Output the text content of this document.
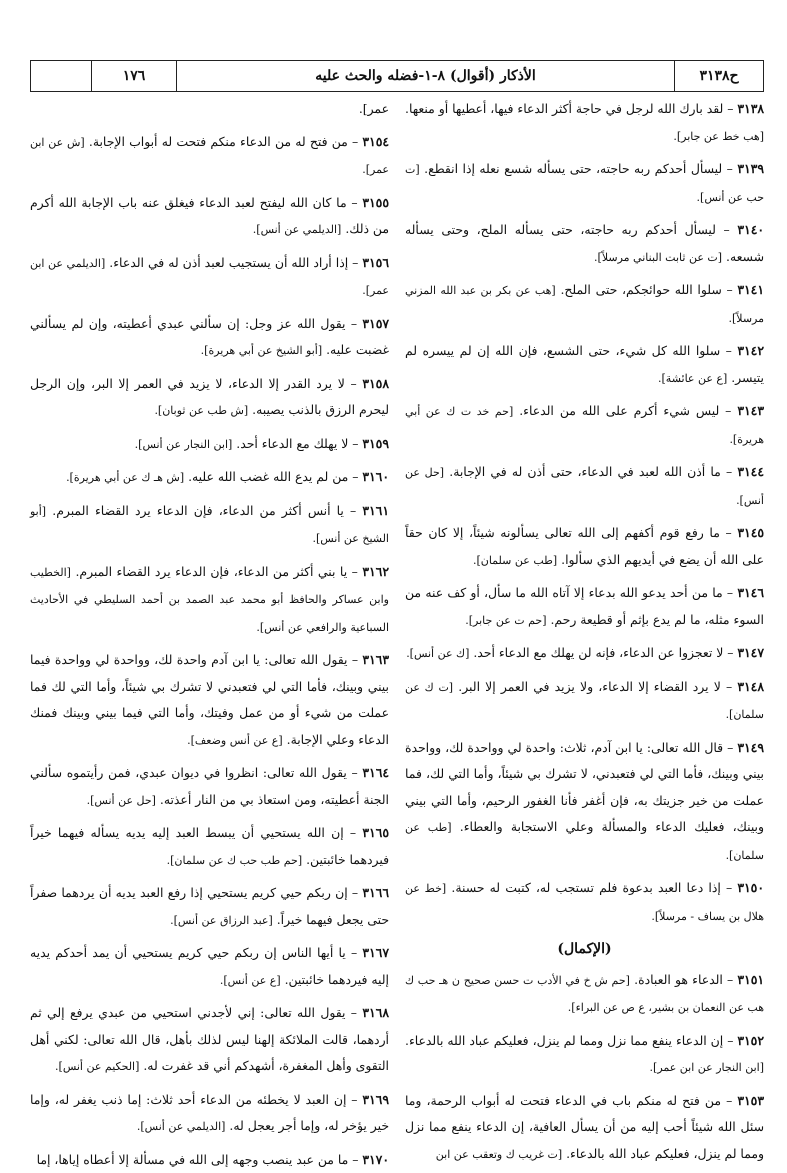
ح٣١٣٨
الأذكار (أقوال) ٨-١-فضله والحث عليه
١٧٦

٣١٣٨ – لقد بارك الله لرجل في حاجة أكثر الدعاء فيها، أعطيها أو منعها. [هب خط عن جابر].

٣١٣٩ – ليسأل أحدكم ربه حاجته، حتى يسأله شسع نعله إذا انقطع. [ت حب عن أنس].

٣١٤٠ – ليسأل أحدكم ربه حاجته، حتى يسأله الملح، وحتى يسأله شسعه. [ت عن ثابت البناني مرسلاً].

٣١٤١ – سلوا الله حوائجكم، حتى الملح. [هب عن بكر بن عبد الله المزني مرسلاً].

٣١٤٢ – سلوا الله كل شيء، حتى الشسع، فإن الله إن لم ييسره لم يتيسر. [ع عن عائشة].

٣١٤٣ – ليس شيء أكرم على الله من الدعاء. [حم خد ت ك عن أبي هريرة].

٣١٤٤ – ما أذن الله لعبد في الدعاء، حتى أذن له في الإجابة. [حل عن أنس].

٣١٤٥ – ما رفع قوم أكفهم إلى الله تعالى يسألونه شيئاً، إلا كان حقاً على الله أن يضع في أيديهم الذي سألوا. [طب عن سلمان].

٣١٤٦ – ما من أحد يدعو الله بدعاء إلا آتاه الله ما سأل، أو كف عنه من السوء مثله، ما لم يدع بإثم أو قطيعة رحم. [حم ت عن جابر].

٣١٤٧ – لا تعجزوا عن الدعاء، فإنه لن يهلك مع الدعاء أحد. [ك عن أنس].

٣١٤٨ – لا يرد القضاء إلا الدعاء، ولا يزيد في العمر إلا البر. [ت ك عن سلمان].

٣١٤٩ – قال الله تعالى: يا ابن آدم، ثلاث: واحدة لي وواحدة لك، وواحدة بيني وبينك، فأما التي لي فتعبدني، لا تشرك بي شيئاً، وأما التي لك، فما عملت من خير جزيتك به، فإن أغفر فأنا الغفور الرحيم، وأما التي بيني وبينك، فعليك الدعاء والمسألة وعلي الاستجابة والعطاء. [طب عن سلمان].

٣١٥٠ – إذا دعا العبد بدعوة فلم تستجب له، كتبت له حسنة. [خط عن هلال بن يساف - مرسلاً].

(الإكمال)

٣١٥١ – الدعاء هو العبادة. [حم ش خ في الأدب ت حسن صحيح ن هـ حب ك هب عن النعمان بن بشير، ع ص عن البراء].

٣١٥٢ – إن الدعاء ينفع مما نزل ومما لم ينزل، فعليكم عباد الله بالدعاء. [ابن النجار عن ابن عمر].

٣١٥٣ – من فتح له منكم باب في الدعاء فتحت له أبواب الرحمة، وما سئل الله شيئاً أحب إليه من أن يسأل العافية، إن الدعاء ينفع مما نزل ومما لم ينزل، فعليكم عباد الله بالدعاء. [ت غريب ك وتعقب عن ابن

عمر].

٣١٥٤ – من فتح له من الدعاء منكم فتحت له أبواب الإجابة. [ش عن ابن عمر].

٣١٥٥ – ما كان الله ليفتح لعبد الدعاء فيغلق عنه باب الإجابة الله أكرم من ذلك. [الديلمي عن أنس].

٣١٥٦ – إذا أراد الله أن يستجيب لعبد أذن له في الدعاء. [الديلمي عن ابن عمر].

٣١٥٧ – يقول الله عز وجل: إن سألني عبدي أعطيته، وإن لم يسألني غضبت عليه. [أبو الشيخ عن أبي هريرة].

٣١٥٨ – لا يرد القدر إلا الدعاء، لا يزيد في العمر إلا البر، وإن الرجل ليحرم الرزق بالذنب يصيبه. [ش طب عن ثوبان].

٣١٥٩ – لا يهلك مع الدعاء أحد. [ابن النجار عن أنس].

٣١٦٠ – من لم يدع الله غضب الله عليه. [ش هـ ك عن أبي هريرة].

٣١٦١ – يا أنس أكثر من الدعاء، فإن الدعاء يرد القضاء المبرم. [أبو الشيخ عن أنس].

٣١٦٢ – يا بني أكثر من الدعاء، فإن الدعاء يرد القضاء المبرم. [الخطيب وابن عساكر والحافظ أبو محمد عبد الصمد بن أحمد السليطي في الأحاديث السباعية والرافعي عن أنس].

٣١٦٣ – يقول الله تعالى: يا ابن آدم واحدة لك، وواحدة لي وواحدة فيما بيني وبينك، فأما التي لي فتعبدني لا تشرك بي شيئاً، وأما التي لك فما عملت من شيء أو من عمل وفيتك، وأما التي فيما بيني وبينك فمنك الدعاء وعلي الإجابة. [ع عن أنس وضعف].

٣١٦٤ – يقول الله تعالى: انظروا في ديوان عبدي، فمن رأيتموه سألني الجنة أعطيته، ومن استعاذ بي من النار أعذته. [حل عن أنس].

٣١٦٥ – إن الله يستحيي أن يبسط العبد إليه يديه يسأله فيهما خيراً فيردهما خائبتين. [حم طب حب ك عن سلمان].

٣١٦٦ – إن ربكم حيي كريم يستحيي إذا رفع العبد يديه أن يردهما صفراً حتى يجعل فيهما خيراً. [عبد الرزاق عن أنس].

٣١٦٧ – يا أيها الناس إن ربكم حيي كريم يستحيي أن يمد أحدكم يديه إليه فيردهما خائبتين. [ع عن أنس].

٣١٦٨ – يقول الله تعالى: إني لأجدني استحيي من عبدي يرفع إلي ثم أردهما، قالت الملائكة إلهنا ليس لذلك بأهل، قال الله تعالى: لكني أهل التقوى وأهل المغفرة، أشهدكم أني قد غفرت له. [الحكيم عن أنس].

٣١٦٩ – إن العبد لا يخطئه من الدعاء أحد ثلاث: إما ذنب يغفر له، وإما خير يؤخر له، وإما أجر يعجل له. [الديلمي عن أنس].

٣١٧٠ – ما من عبد ينصب وجهه إلى الله في مسألة إلا أعطاه إياها، إما
